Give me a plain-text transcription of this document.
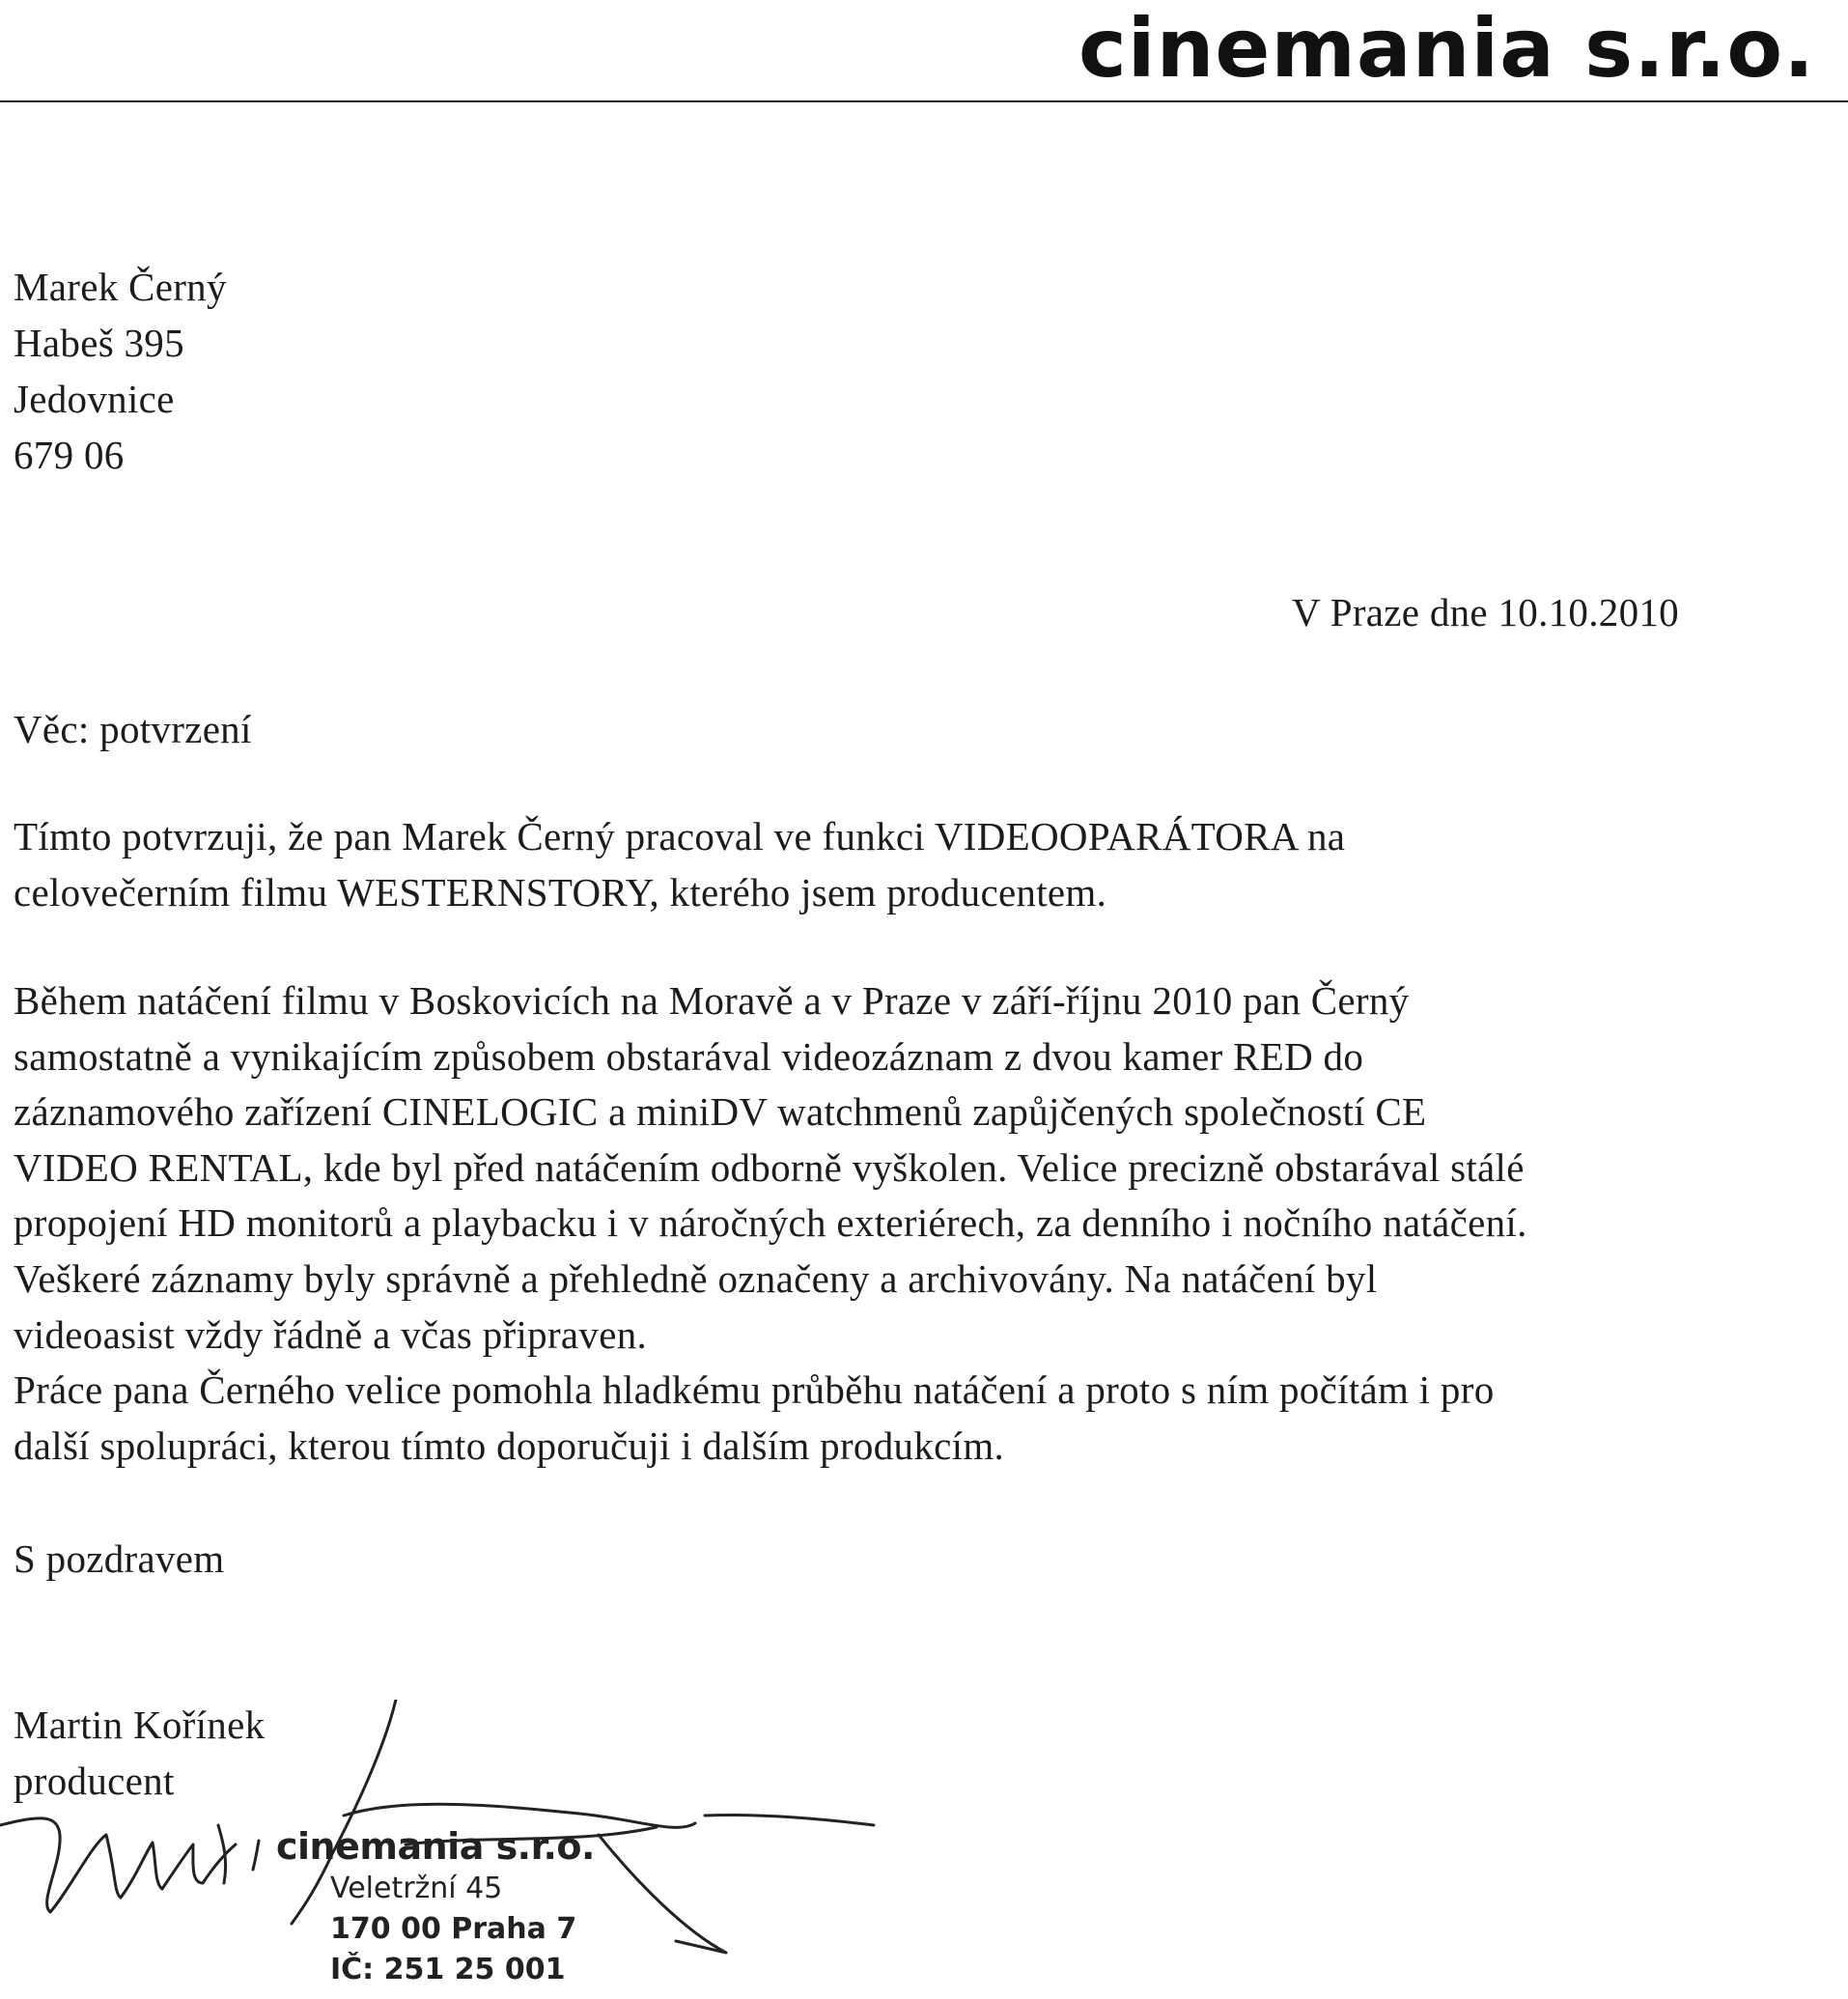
cinemania s.r.o.
Marek Černý
Habeš 395
Jedovnice
679 06
V Praze dne 10.10.2010
Věc: potvrzení
Tímto potvrzuji, že pan Marek Černý pracoval ve funkci VIDEOOPARÁTORA na
celovečerním filmu WESTERNSTORY, kterého jsem producentem.
Během natáčení filmu v Boskovicích na Moravě a v Praze v září-říjnu 2010 pan Černý
samostatně a vynikajícím způsobem obstarával videozáznam z dvou kamer RED do
záznamového zařízení CINELOGIC a miniDV watchmenů zapůjčených společností CE
VIDEO RENTAL, kde byl před natáčením odborně vyškolen. Velice precizně obstarával stálé
propojení HD monitorů a playbacku i v náročných exteriérech, za denního i nočního natáčení.
Veškeré záznamy byly správně a přehledně označeny a archivovány. Na natáčení byl
videoasist vždy řádně a včas připraven.
Práce pana Černého velice pomohla hladkému průběhu natáčení a proto s ním počítám i pro
další spolupráci, kterou tímto doporučuji i dalším produkcím.
S pozdravem
Martin Kořínek
producent
cinemania s.r.o.
Veletržní 45
170 00 Praha 7
IČ: 251 25 001
